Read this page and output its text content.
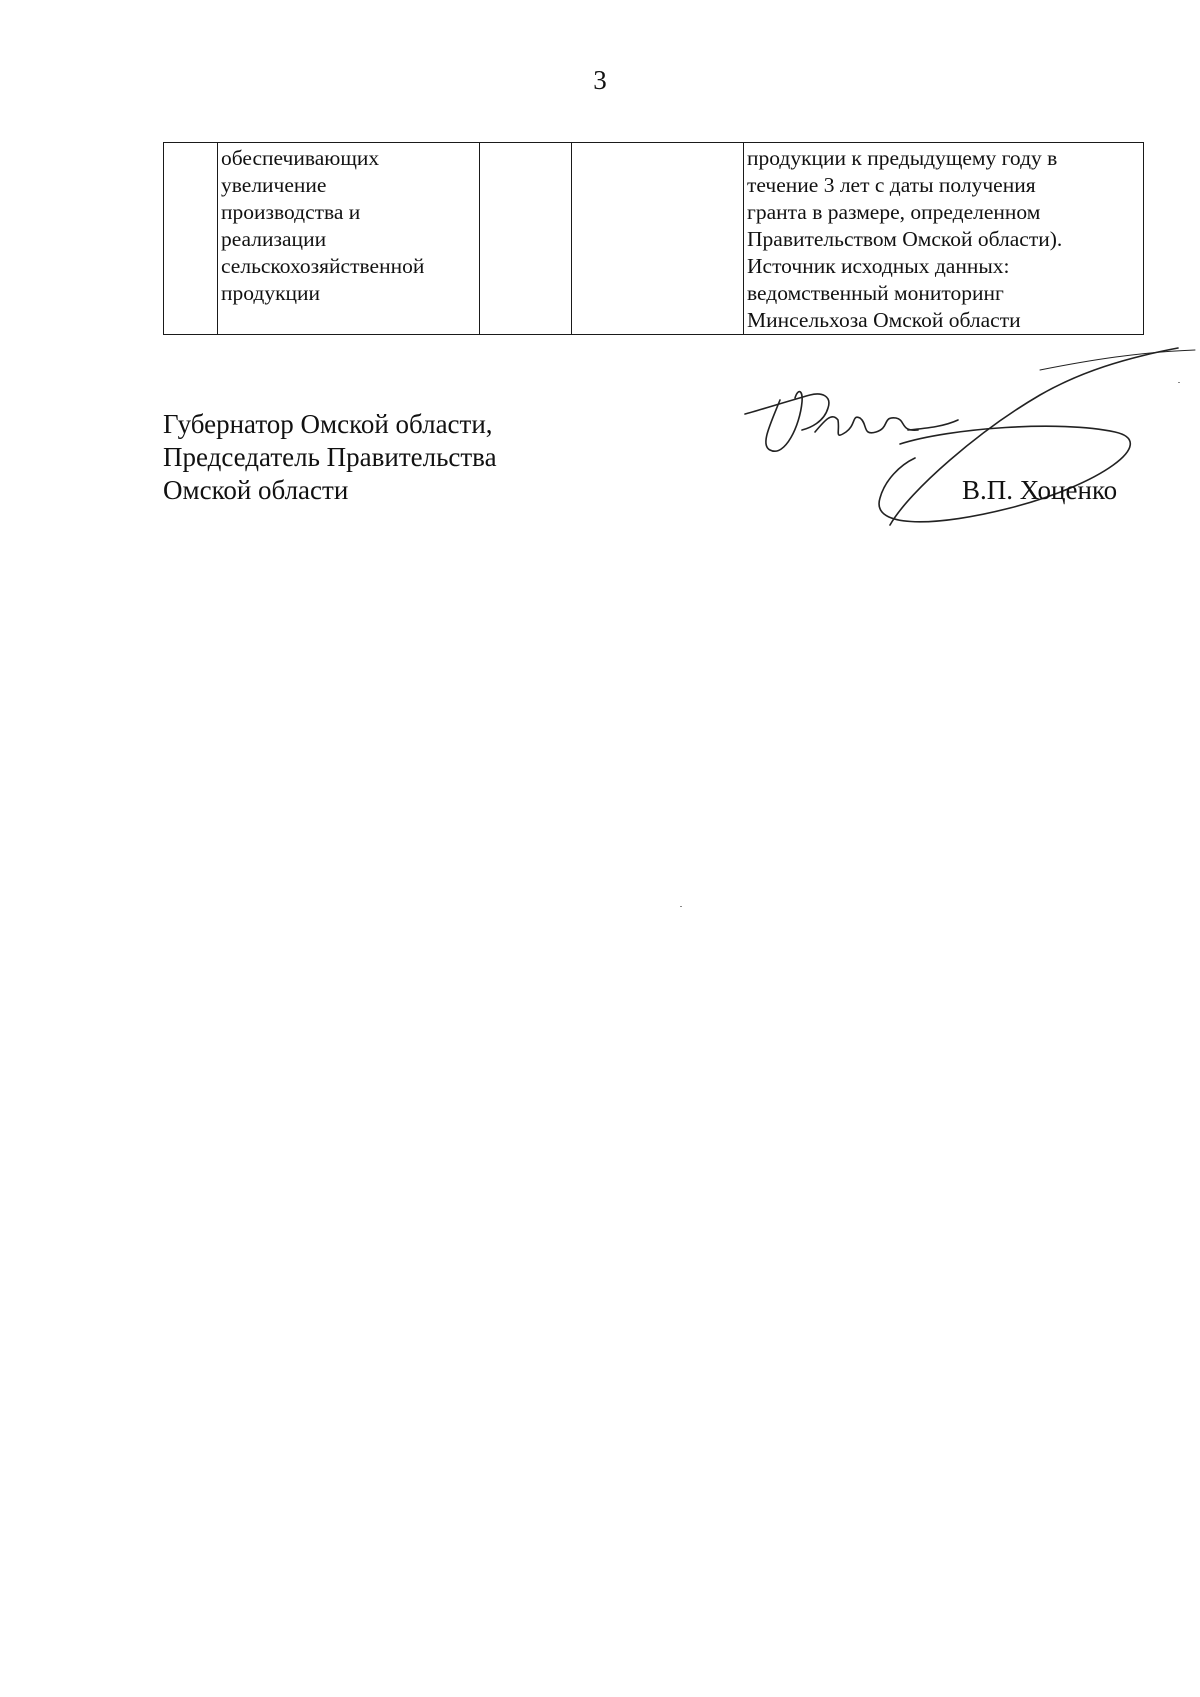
3
	обеспечивающих
увеличение
производства и
реализации
сельскохозяйственной
продукции			продукции к предыдущему году в
течение 3 лет с даты получения
гранта в размере, определенном
Правительством Омской области).
Источник исходных данных:
ведомственный мониторинг
Минсельхоза Омской области
Губернатор Омской области,
Председатель Правительства
Омской области	В.П. Хоценко
